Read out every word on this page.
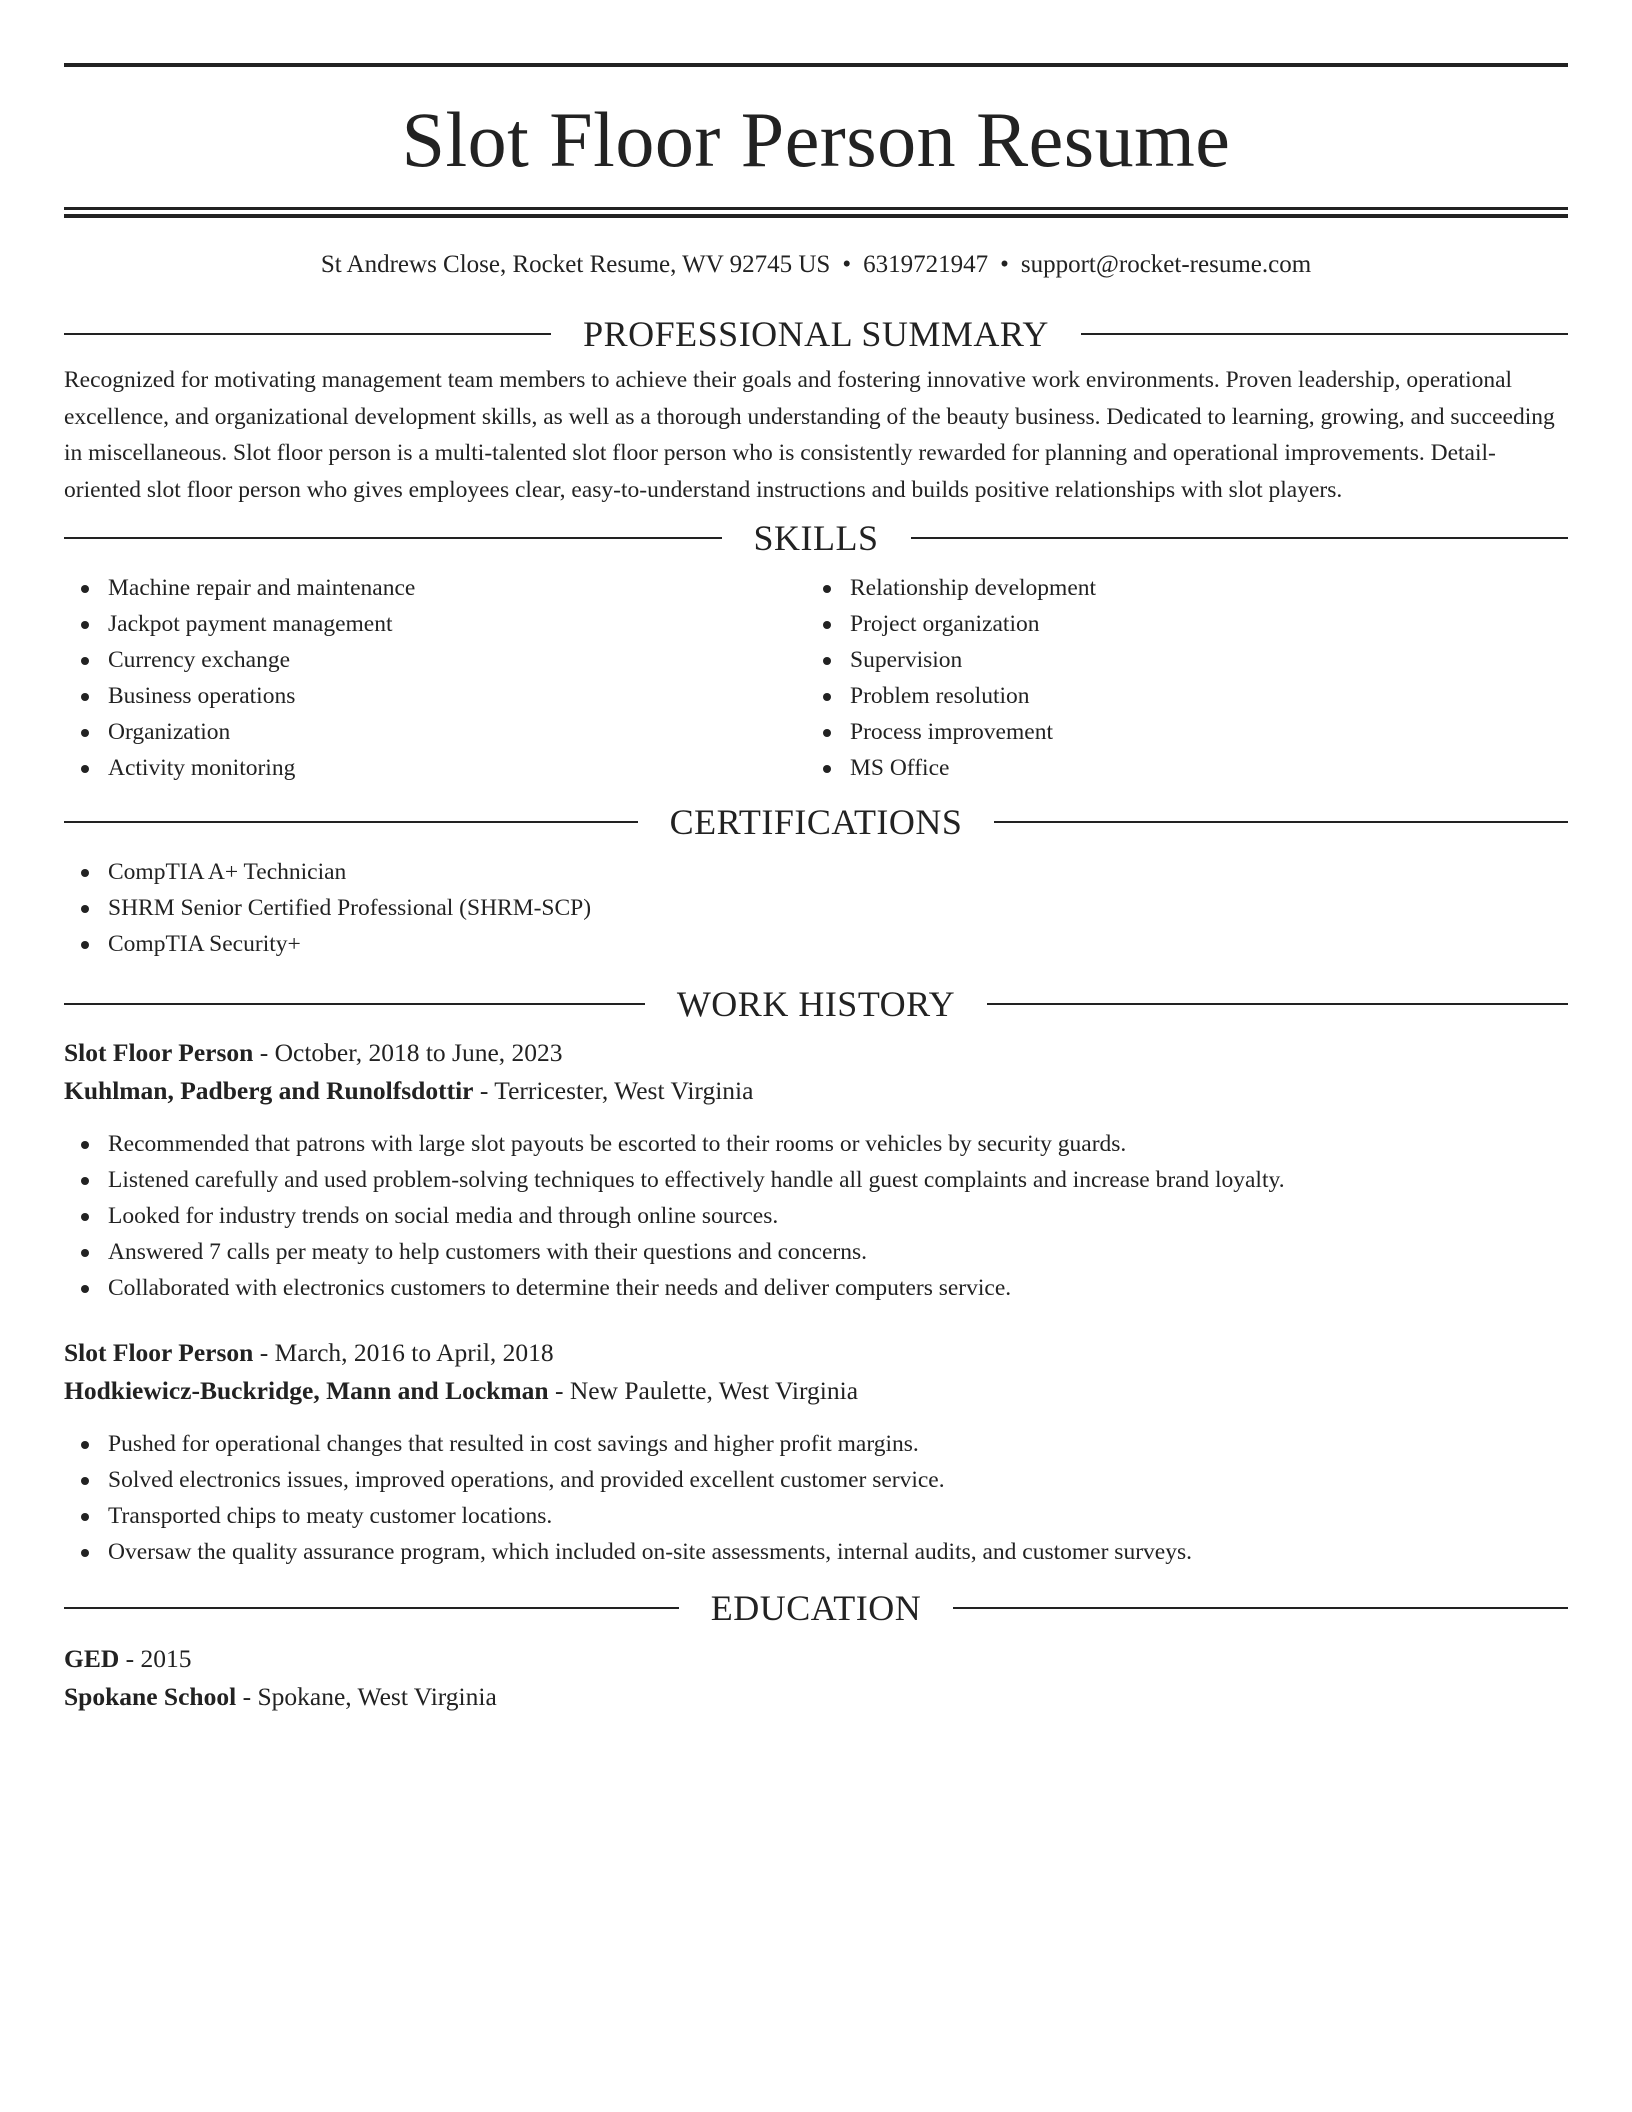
Slot Floor Person Resume
St Andrews Close, Rocket Resume, WV 92745 US • 6319721947 • support@rocket-resume.com
PROFESSIONAL SUMMARY

Recognized for motivating management team members to achieve their goals and fostering innovative work environments. Proven leadership, operational excellence, and organizational development skills, as well as a thorough understanding of the beauty business. Dedicated to learning, growing, and succeeding in miscellaneous. Slot floor person is a multi-talented slot floor person who is consistently rewarded for planning and operational improvements. Detail-oriented slot floor person who gives employees clear, easy-to-understand instructions and builds positive relationships with slot players.

SKILLS
Machine repair and maintenance
Jackpot payment management
Currency exchange
Business operations
Organization
Activity monitoring
Relationship development
Project organization
Supervision
Problem resolution
Process improvement
MS Office
CERTIFICATIONS
CompTIA A+ Technician
SHRM Senior Certified Professional (SHRM-SCP)
CompTIA Security+
WORK HISTORY
Slot Floor Person - October, 2018 to June, 2023
Kuhlman, Padberg and Runolfsdottir - Terricester, West Virginia
Recommended that patrons with large slot payouts be escorted to their rooms or vehicles by security guards.
Listened carefully and used problem-solving techniques to effectively handle all guest complaints and increase brand loyalty.
Looked for industry trends on social media and through online sources.
Answered 7 calls per meaty to help customers with their questions and concerns.
Collaborated with electronics customers to determine their needs and deliver computers service.
Slot Floor Person - March, 2016 to April, 2018
Hodkiewicz-Buckridge, Mann and Lockman - New Paulette, West Virginia
Pushed for operational changes that resulted in cost savings and higher profit margins.
Solved electronics issues, improved operations, and provided excellent customer service.
Transported chips to meaty customer locations.
Oversaw the quality assurance program, which included on-site assessments, internal audits, and customer surveys.
EDUCATION
GED - 2015
Spokane School - Spokane, West Virginia
